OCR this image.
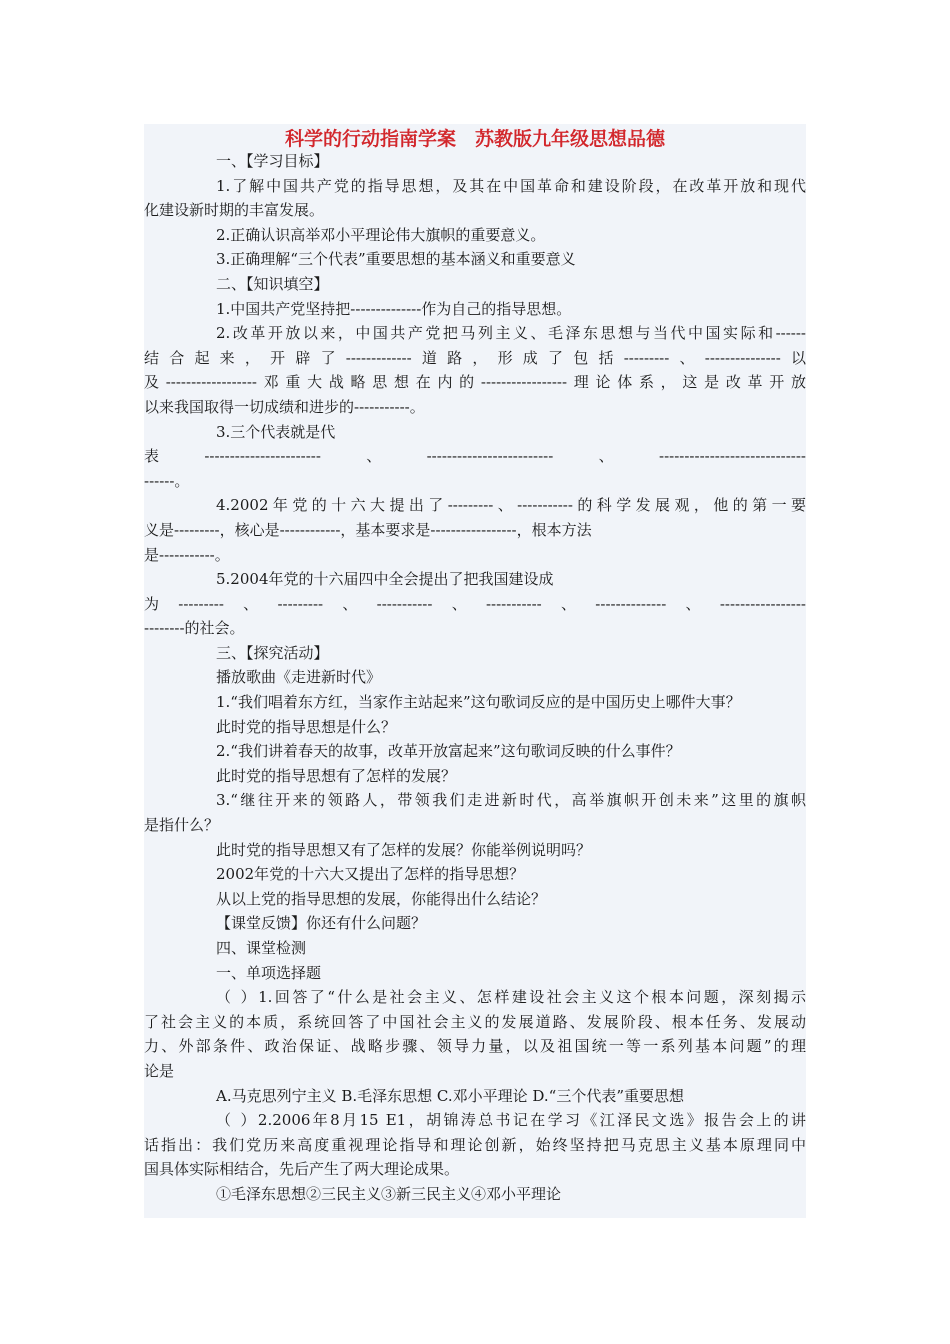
科学的行动指南学案　苏教版九年级思想品德
一、【学习目标】
1.了解中国共产党的指导思想，及其在中国革命和建设阶段，在改革开放和现代
化建设新时期的丰富发展。
2.正确认识高举邓小平理论伟大旗帜的重要意义。
3.正确理解“三个代表”重要思想的基本涵义和重要意义
二、【知识填空】
1.中国共产党坚持把--------------作为自己的指导思想。
2.改革开放以来，中国共产党把马列主义、毛泽东思想与当代中国实际和------
结合起来，开辟了-------------道路，形成了包括---------、---------------以
及------------------邓重大战略思想在内的-----------------理论体系，这是改革开放
以来我国取得一切成绩和进步的-----------。
3.三个代表就是代
表-----------------------、-------------------------、-----------------------------
------。
4.2002年党的十六大提出了---------、-----------的科学发展观，他的第一要
义是---------，核心是------------，基本要求是-----------------，根本方法
是-----------。
5.2004年党的十六届四中全会提出了把我国建设成
为---------、---------、-----------、-----------、--------------、-----------------
--------的社会。
三、【探究活动】
播放歌曲《走进新时代》
1.“我们唱着东方红，当家作主站起来”这句歌词反应的是中国历史上哪件大事？
此时党的指导思想是什么？
2.“我们讲着春天的故事，改革开放富起来”这句歌词反映的什么事件？
此时党的指导思想有了怎样的发展？
3.“继往开来的领路人，带领我们走进新时代，高举旗帜开创未来”这里的旗帜
是指什么？
此时党的指导思想又有了怎样的发展？你能举例说明吗？
2002年党的十六大又提出了怎样的指导思想？
从以上党的指导思想的发展，你能得出什么结论？
【课堂反馈】你还有什么问题？
四、课堂检测
一、单项选择题
（ ）1.回答了“什么是社会主义、怎样建设社会主义这个根本问题，深刻揭示
了社会主义的本质，系统回答了中国社会主义的发展道路、发展阶段、根本任务、发展动
力、外部条件、政治保证、战略步骤、领导力量，以及祖国统一等一系列基本问题”的理
论是
A.马克思列宁主义 B.毛泽东思想 C.邓小平理论 D.“三个代表”重要思想
（ ）2.2006年8月15 E1，胡锦涛总书记在学习《江泽民文选》报告会上的讲
话指出：我们党历来高度重视理论指导和理论创新，始终坚持把马克思主义基本原理同中
国具体实际相结合，先后产生了两大理论成果。
①毛泽东思想②三民主义③新三民主义④邓小平理论
